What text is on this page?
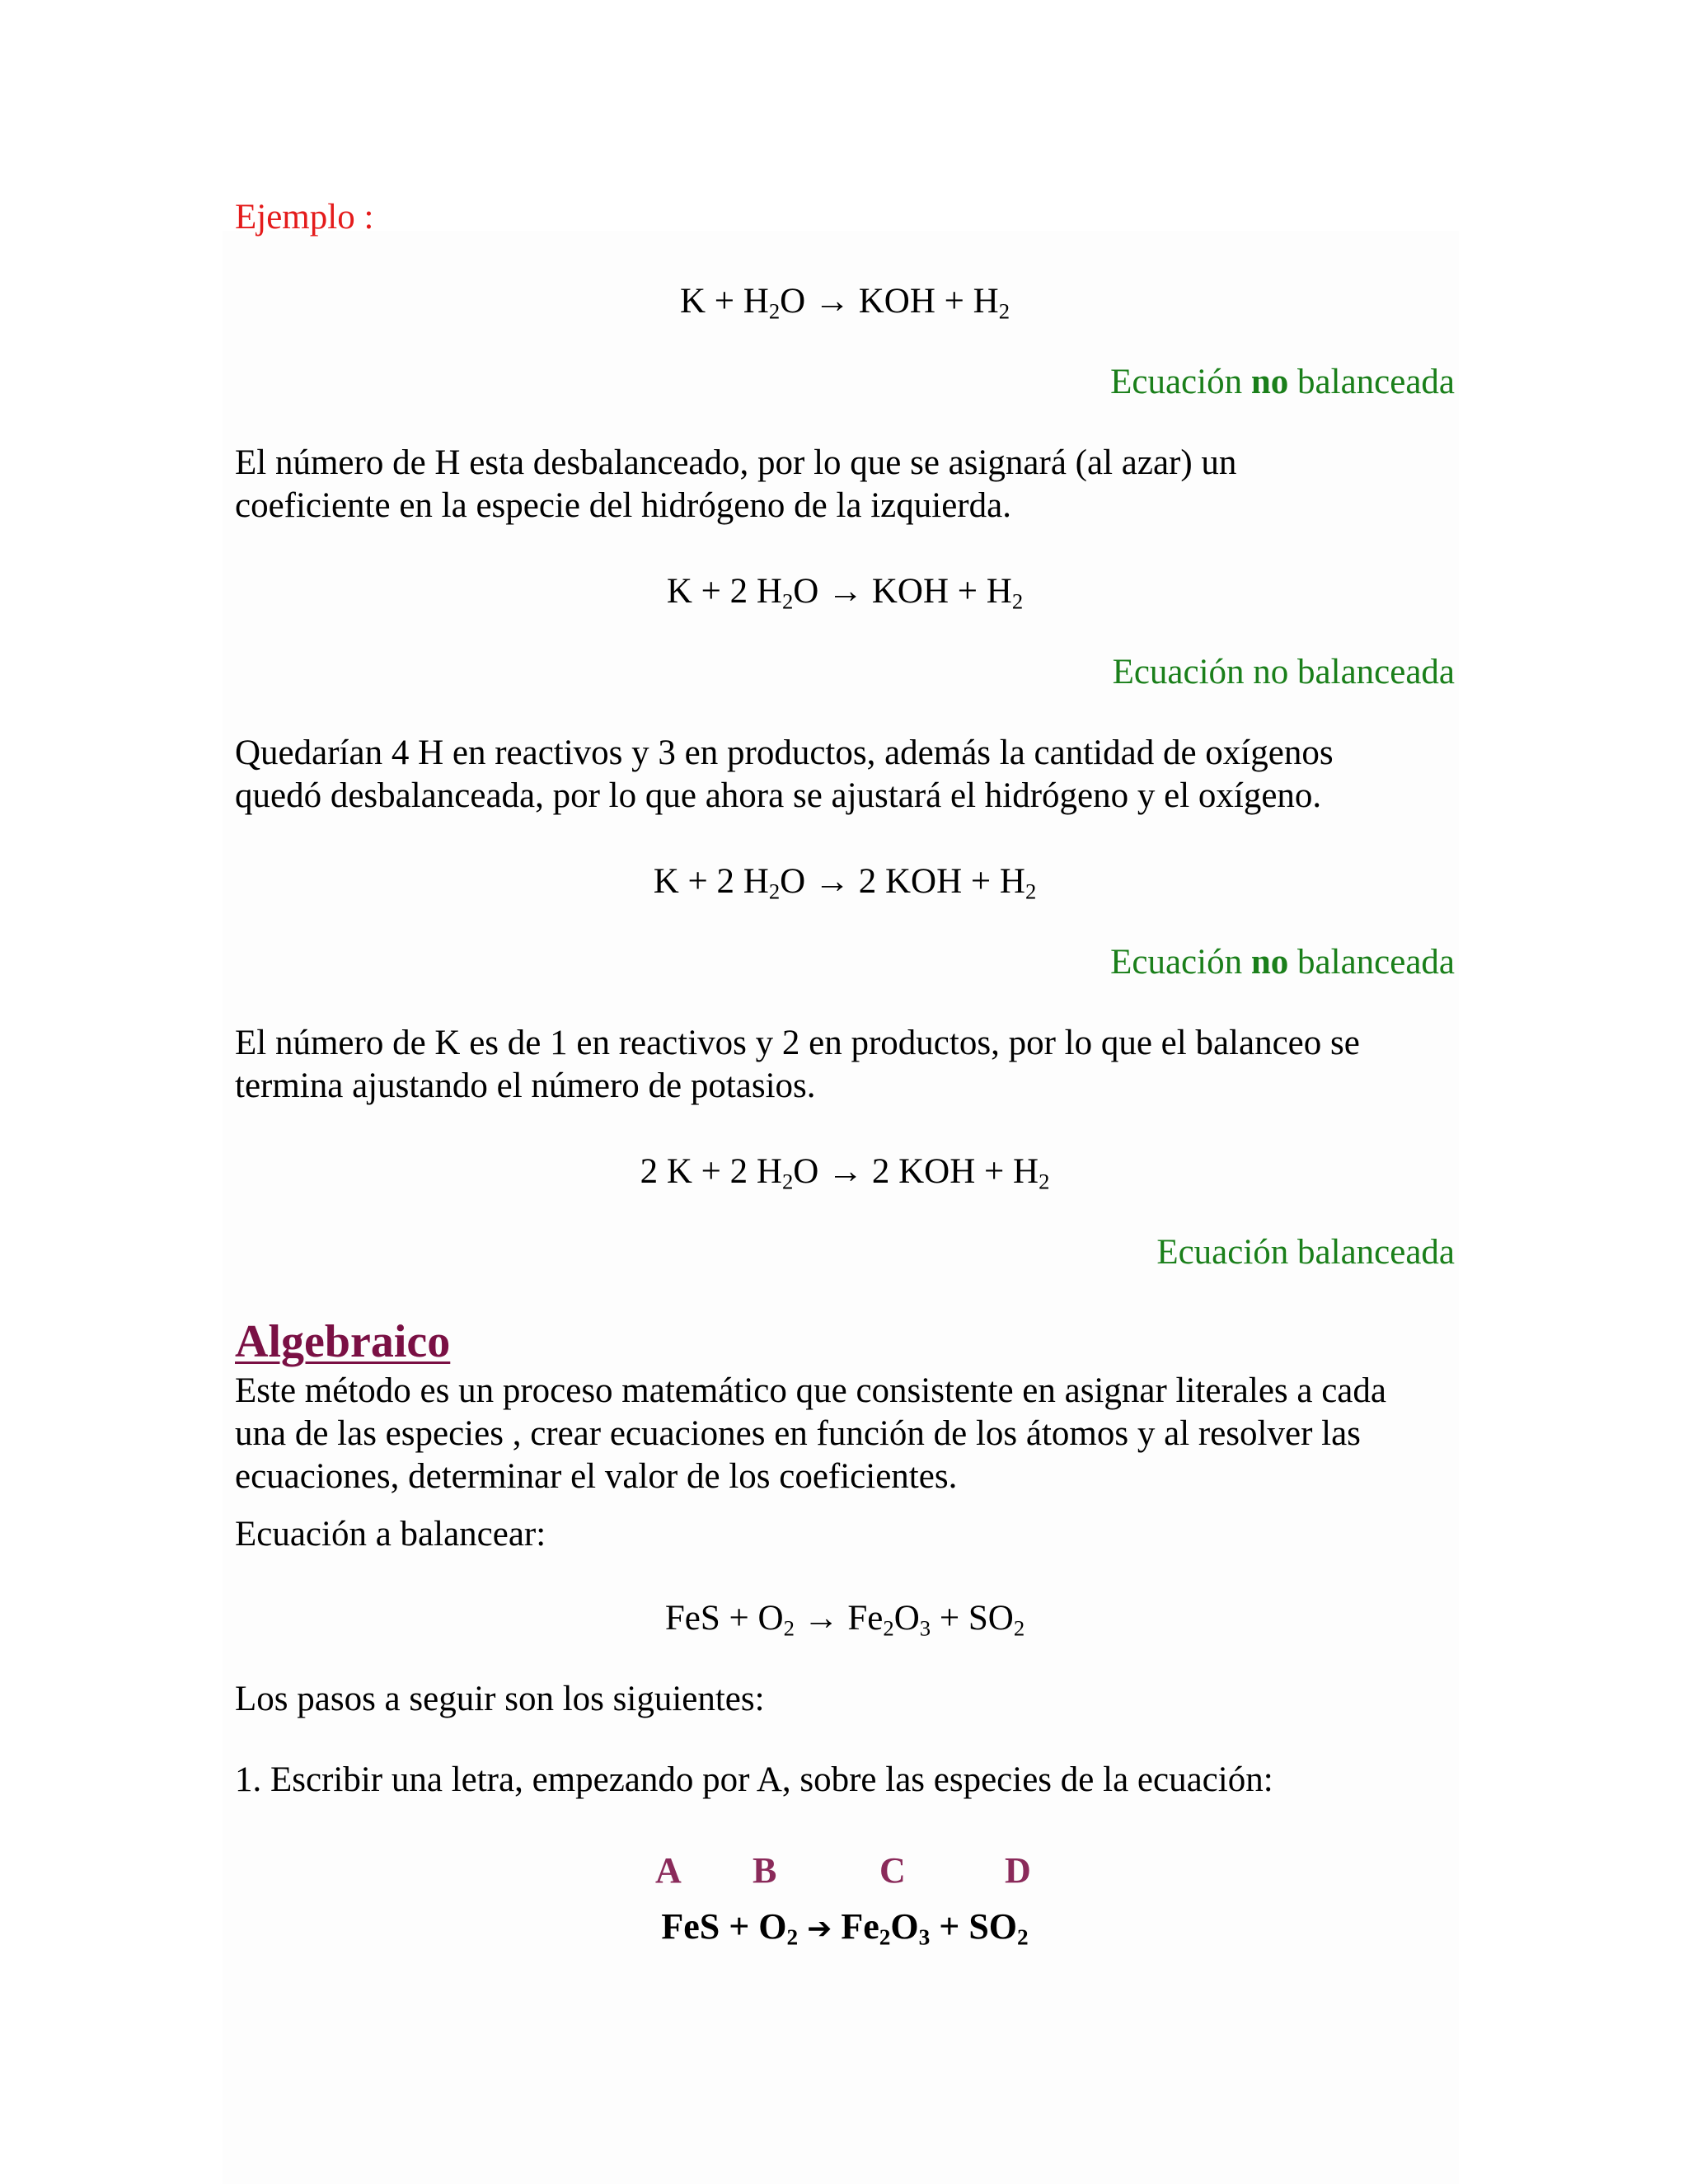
Ejemplo :
$K + H_2O$ → KOH + $H_2$
Ecuación no balanceada
El número de H esta desbalanceado, por lo que se asignará (al azar) un
coeficiente en la especie del hidrógeno de la izquierda.
K + 2 $H_2O$ → KOH + $H_2$
Ecuación no balanceada
Quedarían 4 H en reactivos y 3 en productos, además la cantidad de oxígenos
quedó desbalanceada, por lo que ahora se ajustará el hidrógeno y el oxígeno.
K + 2 $H_2O \to 2$ KOH + $H_2$
Ecuación no balanceada
El número de K es de 1 en reactivos y 2 en productos, por lo que el balanceo se
termina ajustando el número de potasios.
2 K + 2 $H_2O \to 2$ KOH + $H_2$
Ecuación balanceada
Algebraico
Este método es un proceso matemático que consistente en asignar literales a cada
una de las especies , crear ecuaciones en función de los átomos y al resolver las
ecuaciones, determinar el valor de los coeficientes.
Ecuación a balancear:
FeS + $O_2 \to Fe_2O_3 + SO_2$
Los pasos a seguir son los siguientes:
1. Escribir una letra, empezando por A, sobre las especies de la ecuación:
A B	C	D
FeS + $O_2$ ➔ $Fe_2O_3 + SO_2$
